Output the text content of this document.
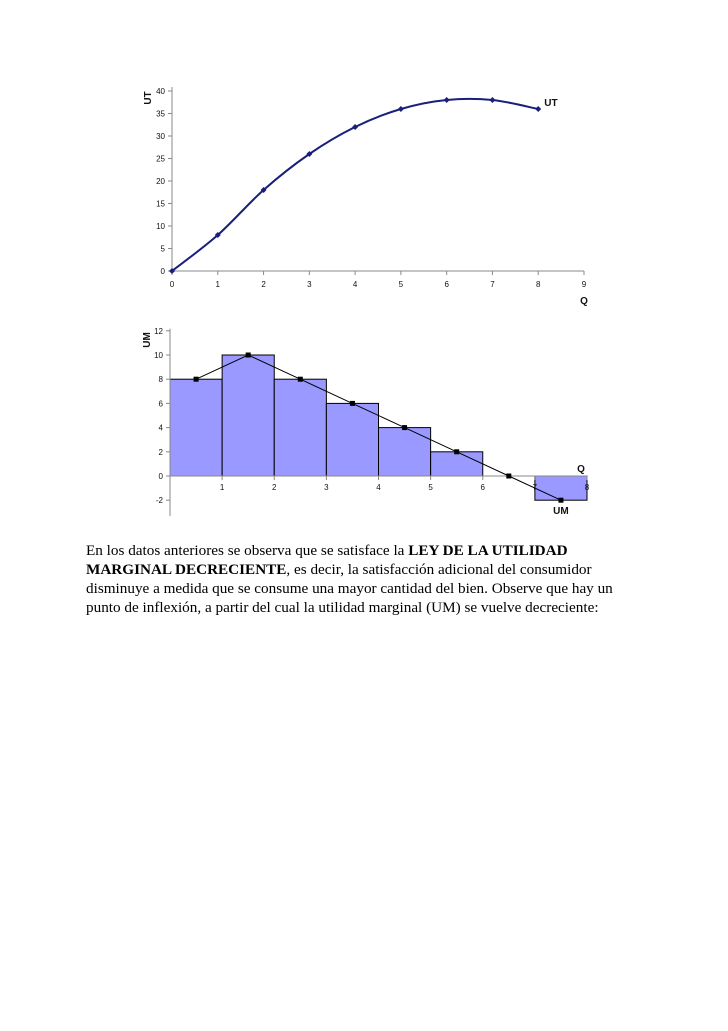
0
5
10
15
20
25
30
35
40
0	1	2	3	4	5	6	7	8	9
UT
Q
UT
-2
0
2
4
6
8
10
12
1	2	3	4	5	6	7	8
UM
Q
UM

En los datos anteriores se observa que se satisface la LEY DE LA UTILIDAD MARGINAL DECRECIENTE, es decir, la satisfacción adicional del consumidor disminuye a medida que se consume una mayor cantidad del bien. Observe que hay un punto de inflexión, a partir del cual la utilidad marginal (UM) se vuelve decreciente:
